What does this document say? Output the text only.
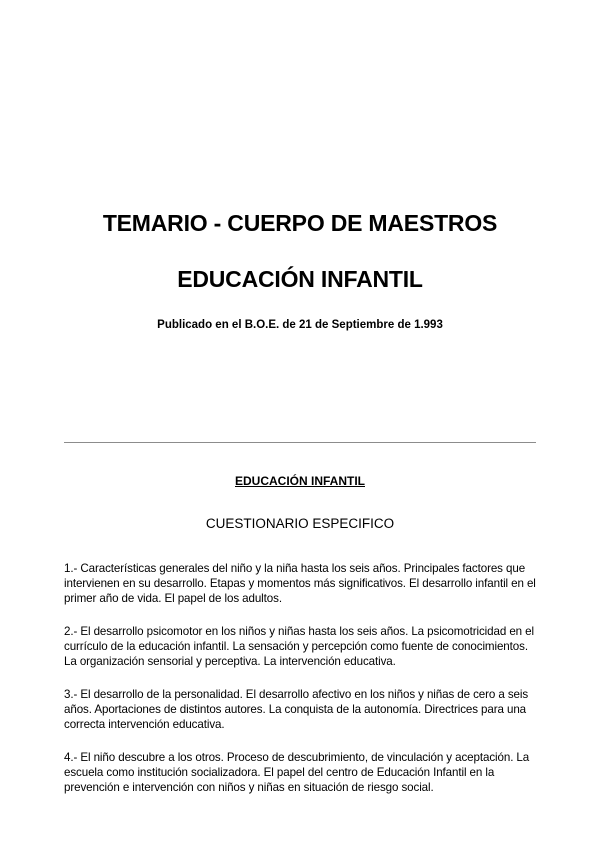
TEMARIO - CUERPO DE MAESTROS
EDUCACIÓN INFANTIL
Publicado en el B.O.E. de 21 de Septiembre de 1.993
EDUCACIÓN INFANTIL
CUESTIONARIO ESPECIFICO
1.- Características generales del niño y la niña hasta los seis años. Principales factores que intervienen en su desarrollo. Etapas y momentos más significativos. El desarrollo infantil en el primer año de vida. El papel de los adultos.
2.- El desarrollo psicomotor en los niños y niñas hasta los seis años. La psicomotricidad en el currículo de la educación infantil. La sensación y percepción como fuente de conocimientos. La organización sensorial y perceptiva. La intervención educativa.
3.- El desarrollo de la personalidad. El desarrollo afectivo en los niños y niñas de cero a seis años. Aportaciones de distintos autores. La conquista de la autonomía. Directrices para una correcta intervención educativa.
4.- El niño descubre a los otros. Proceso de descubrimiento, de vinculación y aceptación. La escuela como institución socializadora. El papel del centro de Educación Infantil en la prevención e intervención con niños y niñas en situación de riesgo social.
